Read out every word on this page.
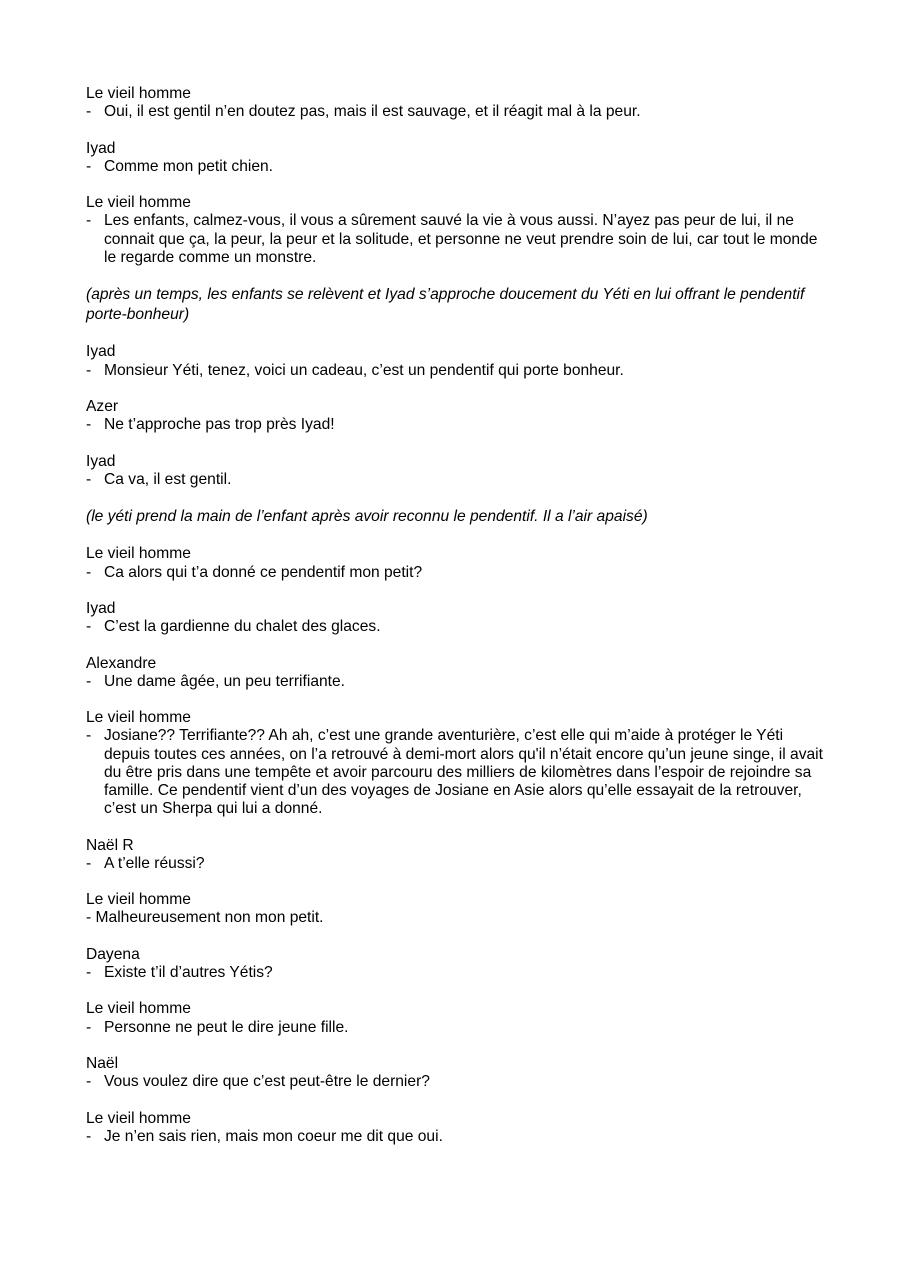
Le vieil homme
- Oui, il est gentil n’en doutez pas, mais il est sauvage, et il réagit mal à la peur.
Iyad
- Comme mon petit chien.
Le vieil homme
- Les enfants, calmez-vous, il vous a sûrement sauvé la vie à vous aussi. N’ayez pas peur de lui, il ne connait que ça, la peur, la peur et la solitude, et personne ne veut prendre soin de lui, car tout le monde le regarde comme un monstre.
(après un temps, les enfants se relèvent et Iyad s’approche doucement du Yéti en lui offrant le pendentif porte-bonheur)
Iyad
- Monsieur Yéti, tenez, voici un cadeau, c’est un pendentif qui porte bonheur.
Azer
- Ne t’approche pas trop près Iyad!
Iyad
- Ca va, il est gentil.
(le yéti prend la main de l’enfant après avoir reconnu le pendentif. Il a l’air apaisé)
Le vieil homme
- Ca alors qui t’a donné ce pendentif mon petit?
Iyad
- C’est la gardienne du chalet des glaces.
Alexandre
- Une dame âgée, un peu terrifiante.
Le vieil homme
- Josiane?? Terrifiante?? Ah ah, c’est une grande aventurière, c’est elle qui m’aide à protéger le Yéti depuis toutes ces années, on l’a retrouvé à demi-mort alors qu'il n’était encore qu’un jeune singe, il avait du être pris dans une tempête et avoir parcouru des milliers de kilomètres dans l’espoir de rejoindre sa famille. Ce pendentif vient d’un des voyages de Josiane en Asie alors qu’elle essayait de la retrouver, c’est un Sherpa qui lui a donné.
Naël R
- A t’elle réussi?
Le vieil homme
- Malheureusement non mon petit.
Dayena
- Existe t’il d’autres Yétis?
Le vieil homme
- Personne ne peut le dire jeune fille.
Naël
- Vous voulez dire que c’est peut-être le dernier?
Le vieil homme
- Je n’en sais rien, mais mon coeur me dit que oui.
